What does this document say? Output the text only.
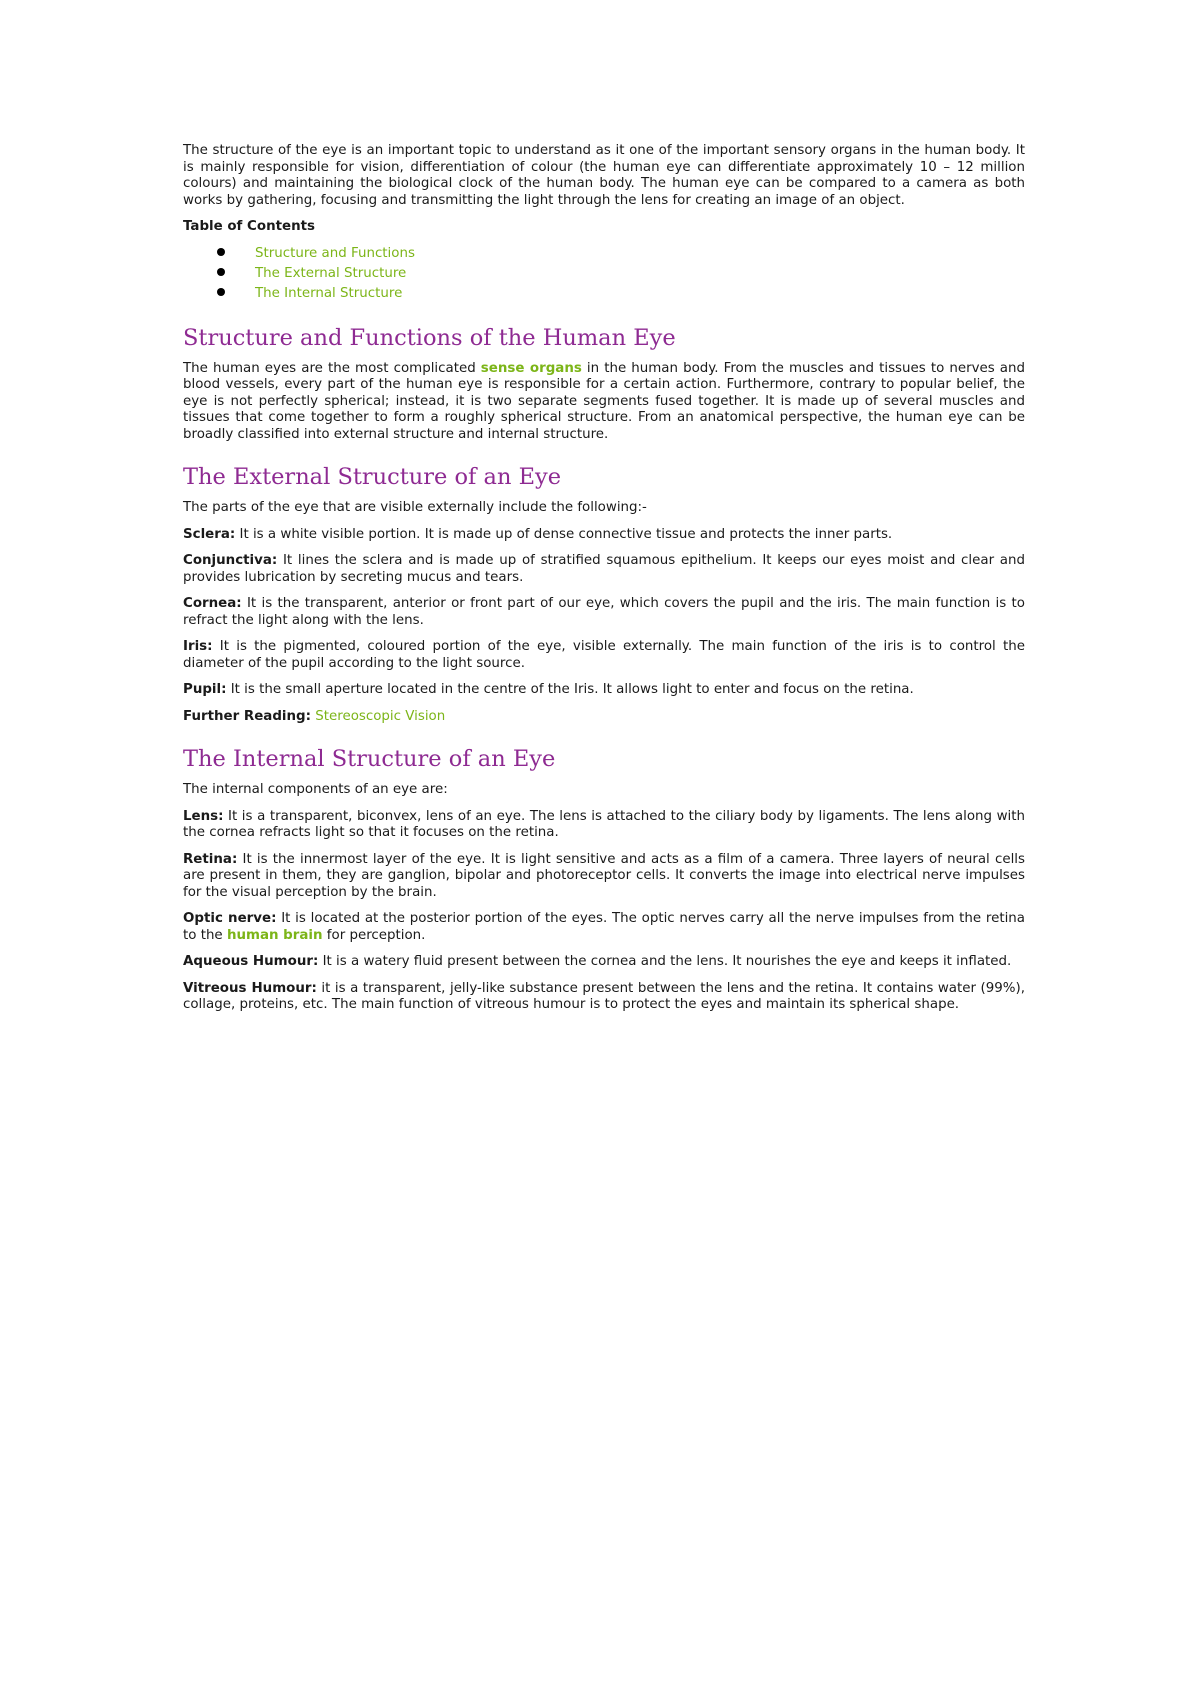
The structure of the eye is an important topic to understand as it one of the important sensory organs in the human body. It is mainly responsible for vision, differentiation of colour (the human eye can differentiate approximately 10 – 12 million colours) and maintaining the biological clock of the human body. The human eye can be compared to a camera as both works by gathering, focusing and transmitting the light through the lens for creating an image of an object.

Table of Contents
Structure and Functions
The External Structure
The Internal Structure
Structure and Functions of the Human Eye

The human eyes are the most complicated sense organs in the human body. From the muscles and tissues to nerves and blood vessels, every part of the human eye is responsible for a certain action. Furthermore, contrary to popular belief, the eye is not perfectly spherical; instead, it is two separate segments fused together. It is made up of several muscles and tissues that come together to form a roughly spherical structure. From an anatomical perspective, the human eye can be broadly classified into external structure and internal structure.

The External Structure of an Eye

The parts of the eye that are visible externally include the following:-

Sclera: It is a white visible portion. It is made up of dense connective tissue and protects the inner parts.

Conjunctiva: It lines the sclera and is made up of stratified squamous epithelium. It keeps our eyes moist and clear and provides lubrication by secreting mucus and tears.

Cornea: It is the transparent, anterior or front part of our eye, which covers the pupil and the iris. The main function is to refract the light along with the lens.

Iris: It is the pigmented, coloured portion of the eye, visible externally. The main function of the iris is to control the diameter of the pupil according to the light source.

Pupil: It is the small aperture located in the centre of the Iris. It allows light to enter and focus on the retina.

Further Reading: Stereoscopic Vision

The Internal Structure of an Eye

The internal components of an eye are:

Lens: It is a transparent, biconvex, lens of an eye. The lens is attached to the ciliary body by ligaments. The lens along with the cornea refracts light so that it focuses on the retina.

Retina: It is the innermost layer of the eye. It is light sensitive and acts as a film of a camera. Three layers of neural cells are present in them, they are ganglion, bipolar and photoreceptor cells. It converts the image into electrical nerve impulses for the visual perception by the brain.

Optic nerve: It is located at the posterior portion of the eyes. The optic nerves carry all the nerve impulses from the retina to the human brain for perception.

Aqueous Humour: It is a watery fluid present between the cornea and the lens. It nourishes the eye and keeps it inflated.

Vitreous Humour: it is a transparent, jelly-like substance present between the lens and the retina. It contains water (99%), collage, proteins, etc. The main function of vitreous humour is to protect the eyes and maintain its spherical shape.
